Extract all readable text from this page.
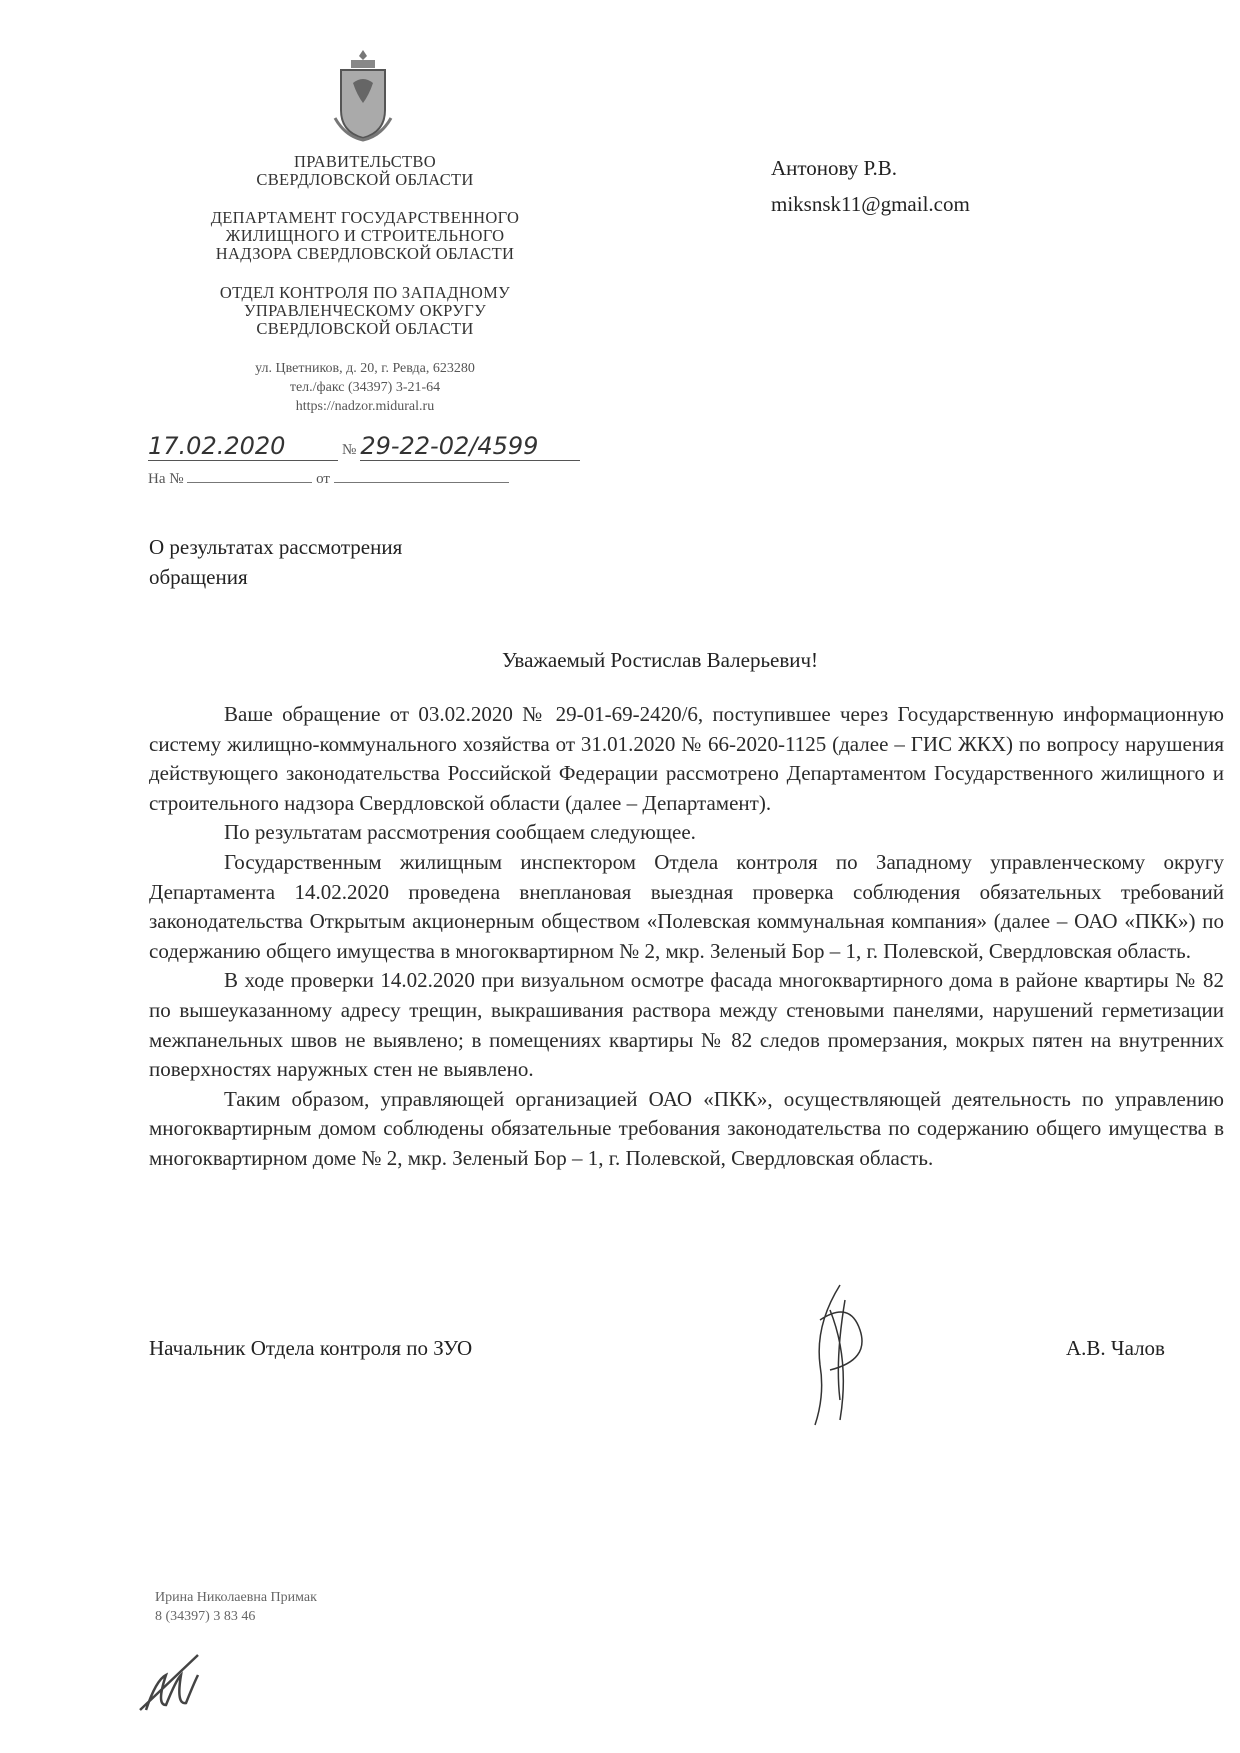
ПРАВИТЕЛЬСТВО
СВЕРДЛОВСКОЙ ОБЛАСТИ
ДЕПАРТАМЕНТ ГОСУДАРСТВЕННОГО
ЖИЛИЩНОГО И СТРОИТЕЛЬНОГО
НАДЗОРА СВЕРДЛОВСКОЙ ОБЛАСТИ
ОТДЕЛ КОНТРОЛЯ ПО ЗАПАДНОМУ
УПРАВЛЕНЧЕСКОМУ ОКРУГУ
СВЕРДЛОВСКОЙ ОБЛАСТИ
ул. Цветников, д. 20, г. Ревда, 623280
тел./факс (34397) 3-21-64
https://nadzor.midural.ru
17.02.2020	№ 29-22-02/4599
На №	от
Антонову Р.В.
miksnsk11@gmail.com
О результатах рассмотрения
обращения
Уважаемый Ростислав Валерьевич!

Ваше обращение от 03.02.2020 № 29-01-69-2420/6, поступившее через Государственную информационную систему жилищно-коммунального хозяйства от 31.01.2020 № 66-2020-1125 (далее – ГИС ЖКХ) по вопросу нарушения действующего законодательства Российской Федерации рассмотрено Департаментом Государственного жилищного и строительного надзора Свердловской области (далее – Департамент).

По результатам рассмотрения сообщаем следующее.

Государственным жилищным инспектором Отдела контроля по Западному управленческому округу Департамента 14.02.2020 проведена внеплановая выездная проверка соблюдения обязательных требований законодательства Открытым акционерным обществом «Полевская коммунальная компания» (далее – ОАО «ПКК») по содержанию общего имущества в многоквартирном № 2, мкр. Зеленый Бор – 1, г. Полевской, Свердловская область.

В ходе проверки 14.02.2020 при визуальном осмотре фасада многоквартирного дома в районе квартиры № 82 по вышеуказанному адресу трещин, выкрашивания раствора между стеновыми панелями, нарушений герметизации межпанельных швов не выявлено; в помещениях квартиры № 82 следов промерзания, мокрых пятен на внутренних поверхностях наружных стен не выявлено.

Таким образом, управляющей организацией ОАО «ПКК», осуществляющей деятельность по управлению многоквартирным домом соблюдены обязательные требования законодательства по содержанию общего имущества в многоквартирном доме № 2, мкр. Зеленый Бор – 1, г. Полевской, Свердловская область.

Начальник Отдела контроля по ЗУО	А.В. Чалов
Ирина Николаевна Примак
8 (34397) 3 83 46
